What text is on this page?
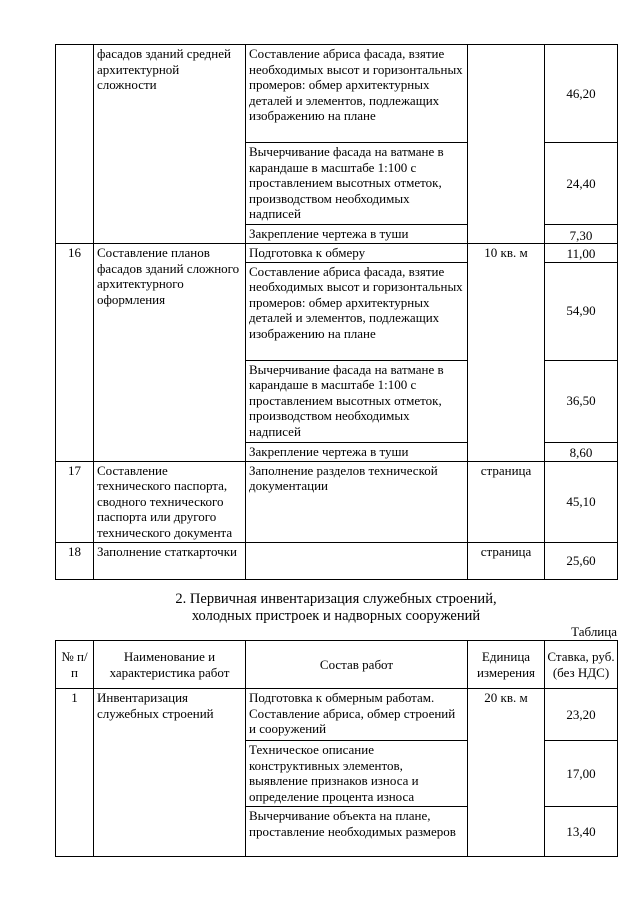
	фасадов зданий средней архитектурной сложности	Составление абриса фасада, взятие необходимых высот и горизонтальных промеров: обмер архитектурных деталей и элементов, подлежащих изображению на плане		46,20
		Вычерчивание фасада на ватмане в карандаше в масштабе 1:100 с проставлением высотных отметок, производством необходимых надписей		24,40
		Закрепление чертежа в туши		7,30
16	Составление планов фасадов зданий сложного архитектурного оформления	Подготовка к обмеру	10 кв. м	11,00
		Составление абриса фасада, взятие необходимых высот и горизонтальных промеров: обмер архитектурных деталей и элементов, подлежащих изображению на плане		54,90
		Вычерчивание фасада на ватмане в карандаше в масштабе 1:100 с проставлением высотных отметок, производством необходимых надписей		36,50
		Закрепление чертежа в туши		8,60
17	Составление технического паспорта, сводного технического паспорта или другого технического документа	Заполнение разделов технической документации	страница	45,10
18	Заполнение статкарточки		страница	25,60
2. Первичная инвентаризация служебных строений,
холодных пристроек и надворных сооружений
Таблица
№ п/п	Наименование и характеристика работ	Состав работ	Единица измерения	Ставка, руб. (без НДС)
1	Инвентаризация служебных строений	Подготовка к обмерным работам. Составление абриса, обмер строений и сооружений	20 кв. м	23,20
		Техническое описание конструктивных элементов, выявление признаков износа и определение процента износа		17,00
		Вычерчивание объекта на плане, проставление необходимых размеров		13,40
